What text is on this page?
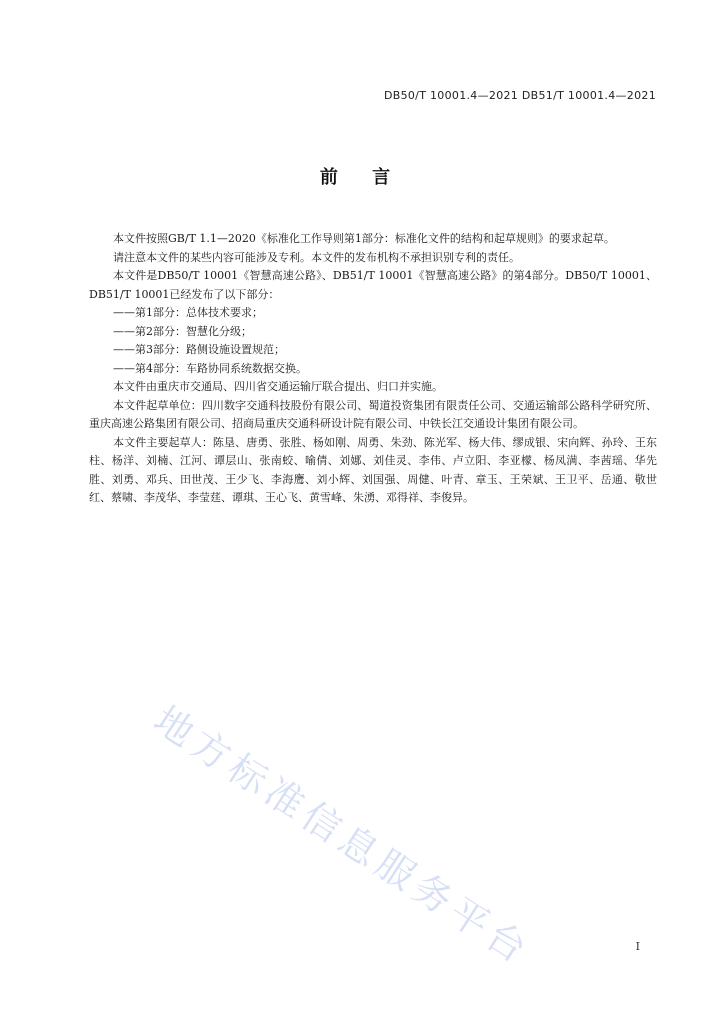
DB50/T 10001.4—2021 DB51/T 10001.4—2021
前 言

本文件按照GB/T 1.1—2020《标准化工作导则第1部分：标准化文件的结构和起草规则》的要求起草。

请注意本文件的某些内容可能涉及专利。本文件的发布机构不承担识别专利的责任。

本文件是DB50/T 10001《智慧高速公路》、DB51/T 10001《智慧高速公路》的第4部分。DB50/T 10001、DB51/T 10001已经发布了以下部分：

——第1部分：总体技术要求；

——第2部分：智慧化分级；

——第3部分：路侧设施设置规范；

——第4部分：车路协同系统数据交换。

本文件由重庆市交通局、四川省交通运输厅联合提出、归口并实施。

本文件起草单位：四川数字交通科技股份有限公司、蜀道投资集团有限责任公司、交通运输部公路科学研究所、重庆高速公路集团有限公司、招商局重庆交通科研设计院有限公司、中铁长江交通设计集团有限公司。

本文件主要起草人：陈垦、唐勇、张胜、杨如刚、周勇、朱劲、陈光军、杨大伟、缪成银、宋向辉、孙玲、王东柱、杨洋、刘楠、江河、谭层山、张南蛟、喻倩、刘娜、刘佳灵、李伟、卢立阳、李亚檬、杨凤满、李茜瑶、华先胜、刘勇、邓兵、田世茂、王少飞、李海鹰、刘小辉、刘国强、周健、叶青、章玉、王荣斌、王卫平、岳通、敬世红、蔡啸、李茂华、李莹莛、谭琪、王心飞、黄雪峰、朱湧、邓得祥、李俊异。

地方标准信息服务平台	I
